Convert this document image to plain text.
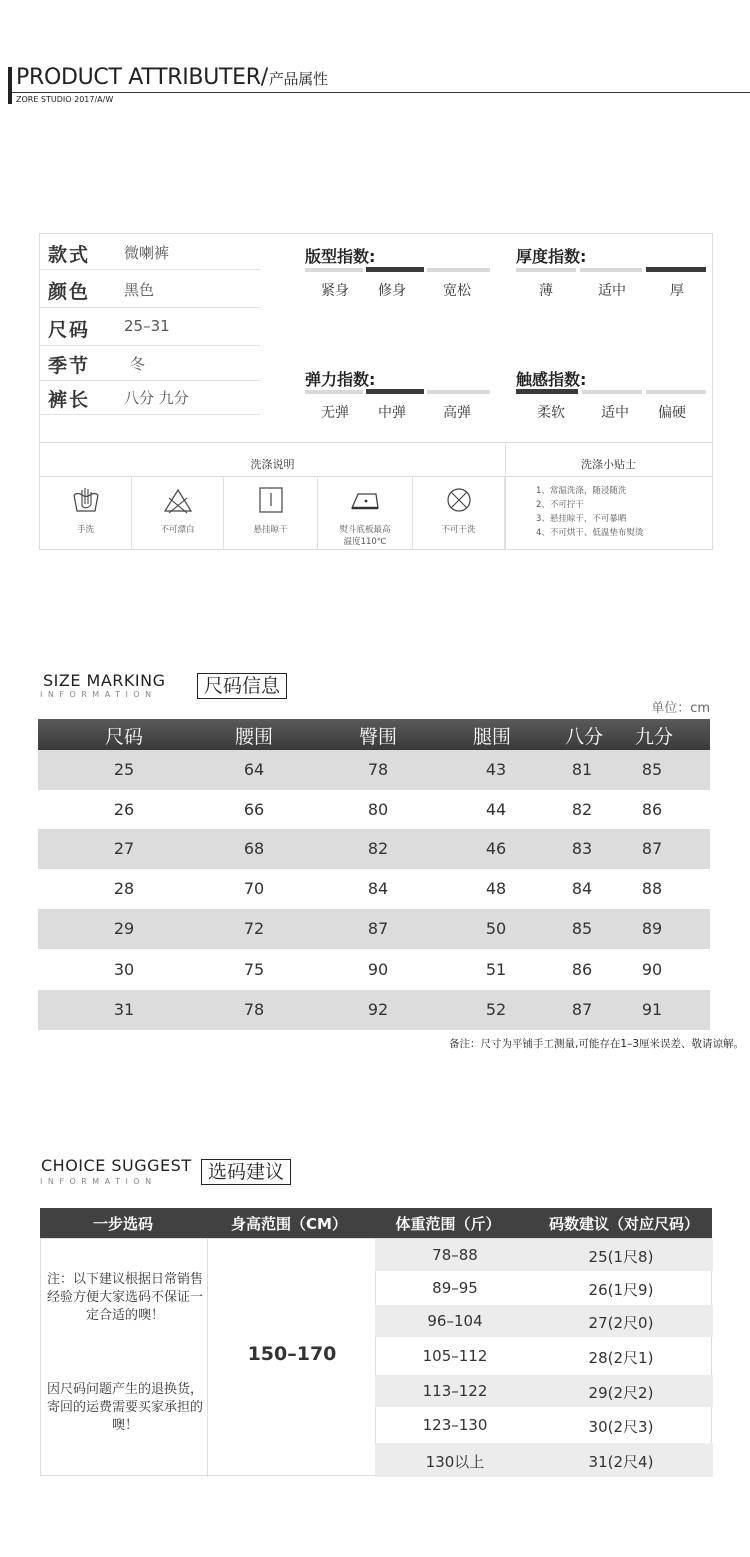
PRODUCT ATTRIBUTER/产品属性
ZORE STUDIO 2017/A/W
款式 微喇裤
颜色 黑色
尺码 25–31
季节	冬
裤长 八分 九分
版型指数:
紧身	修身	宽松
厚度指数:
薄	适中	厚
弹力指数:
无弹	中弹	高弹
触感指数:
柔软	适中	偏硬
洗涤说明	洗涤小贴士
手洗	不可漂白	悬挂晾干	熨斗底板最高
温度110℃
不可干洗
1、常温洗涤，随浸随洗
2、不可拧干
3、悬挂晾干，不可暴晒
4、不可烘干、低温垫布熨烫
SIZE MARKING
INFORMATION	尺码信息
单位：cm
尺码	腰围	臀围	腿围	八分 九分
25	64	78	43	81	85
26	66	80	44	82	86
27	68	82	46	83	87
28	70	84	48	84	88
29	72	87	50	85	89
30	75	90	51	86	90
31	78	92	52	87	91
备注：尺寸为平铺手工测量,可能存在1–3厘米误差、敬请谅解。
CHOICE SUGGEST
INFORMATION	选码建议
一步选码	身高范围（CM）	体重范围（斤）	码数建议（对应尺码）
注：以下建议根据日常销售经验方便大家选码不保证一定合适的噢！
因尺码问题产生的退换货，寄回的运费需要买家承担的噢！
150–170
78–88	25(1尺8)
89–95	26(1尺9)
96–104	27(2尺0)
105–112	28(2尺1)
113–122	29(2尺2)
123–130	30(2尺3)
130以上	31(2尺4)
